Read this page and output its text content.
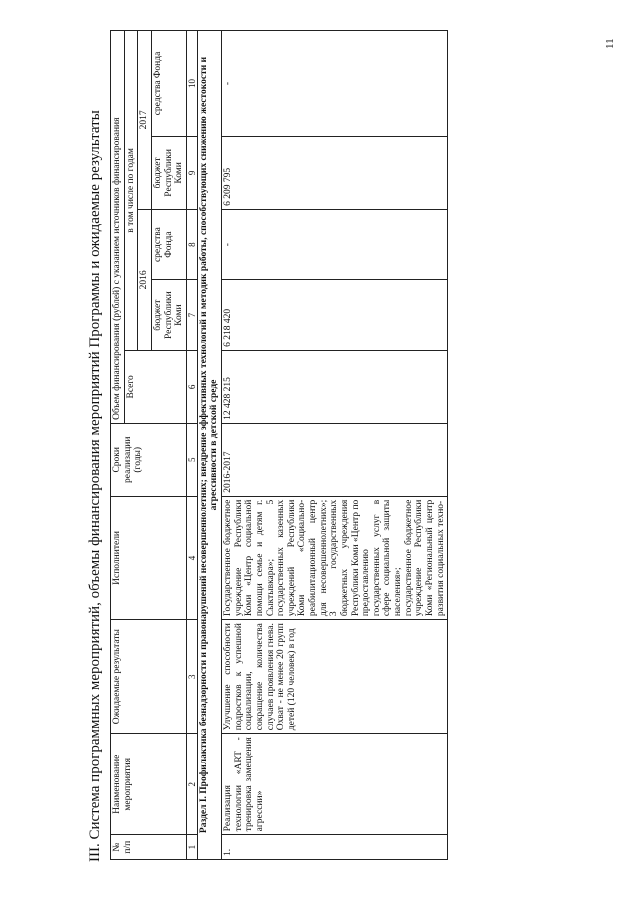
III. Система программных мероприятий, объемы финансирования мероприятий Программы и ожидаемые результаты № п/п	Наименование мероприятия	Ожидаемые результаты	Исполнители	Сроки реализации (годы)	Объем финансирования (рублей) с указанием источников финансирования				
					Всего	в том числе по годам			
						2016		2017	
						бюджет Республики Коми	средства Фонда	бюджет Республики Коми	средства Фонда
1	2	3	4	5	6	7	8	9	10
Раздел I. Профилактика безнадзорности и правонарушений несовершеннолетних; внедрение эффективных технологий и методик работы, способствующих снижению жестокости и агрессивности в детской среде									
1.	Реализация технологии «ART - тренировка замещения агрессии»	Улучшение способности подростков к успешной социализации, сокращение количества случаев проявления гнева. Охват - не менее 20 групп детей (120 человек) в год	Государственное бюджетное учреждение Республики Коми «Центр социальной помощи семье и детям г. Сыктывкара»; 5 государственных казенных учреждений Республики Коми «Социально-реабилитационный центр для несовершеннолетних»; 3 государственных бюджетных учреждения Республики Коми «Центр по предоставлению государственных услуг в сфере социальной защиты населения»; государственное бюджетное учреждение Республики Коми «Региональный центр развития социальных техно-	2016-2017	12 428 215	6 218 420	-	6 209 795	-
11
